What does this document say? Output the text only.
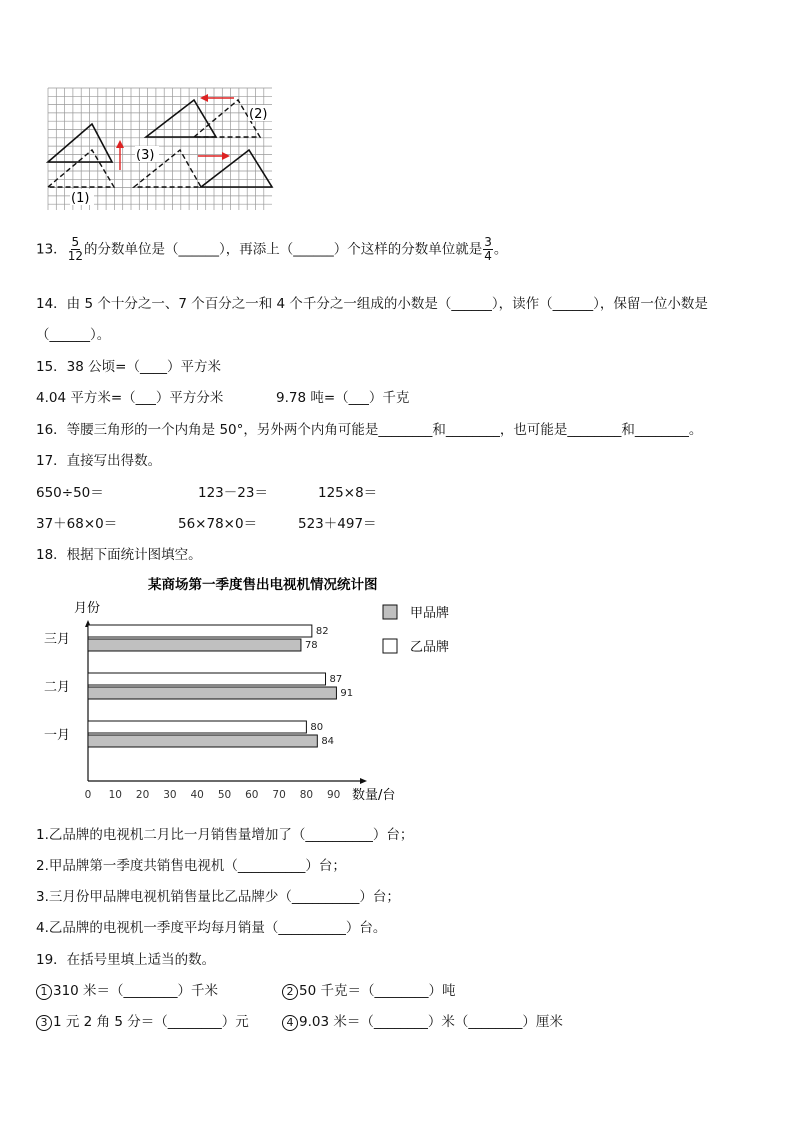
(1)
(2)
(3)
13． $\frac{5}{12}$ 的分数单位是（______），再添上（______）个这样的分数单位就是 $\frac{3}{4}$ 。
14．由 5 个十分之一、7 个百分之一和 4 个千分之一组成的小数是（______），读作（______），保留一位小数是
（______）。
15．38 公顷=（____）平方米
4.04 平方米=（___）平方分米	9.78 吨=（___）千克
16．等腰三角形的一个内角是 50°，另外两个内角可能是________和________，也可能是________和________。
17．直接写出得数。
650÷50＝	123－23＝	125×8＝
37＋68×0＝	56×78×0＝	523＋497＝
18．根据下面统计图填空。
某商场第一季度售出电视机情况统计图
月份
数量/台
甲品牌
乙品牌
0 10 20 30 40 50 60 70 80 90
一月
二月
三月
80
84
87
91
82
78
1.乙品牌的电视机二月比一月销售量增加了（__________）台；
2.甲品牌第一季度共销售电视机（__________）台；
3.三月份甲品牌电视机销售量比乙品牌少（__________）台；
4.乙品牌的电视机一季度平均每月销量（__________）台。
19．在括号里填上适当的数。
1 310 米＝（________）千米	2 50 千克＝（________）吨
3 1 元 2 角 5 分＝（________）元	4 9.03 米＝（________）米（________）厘米
